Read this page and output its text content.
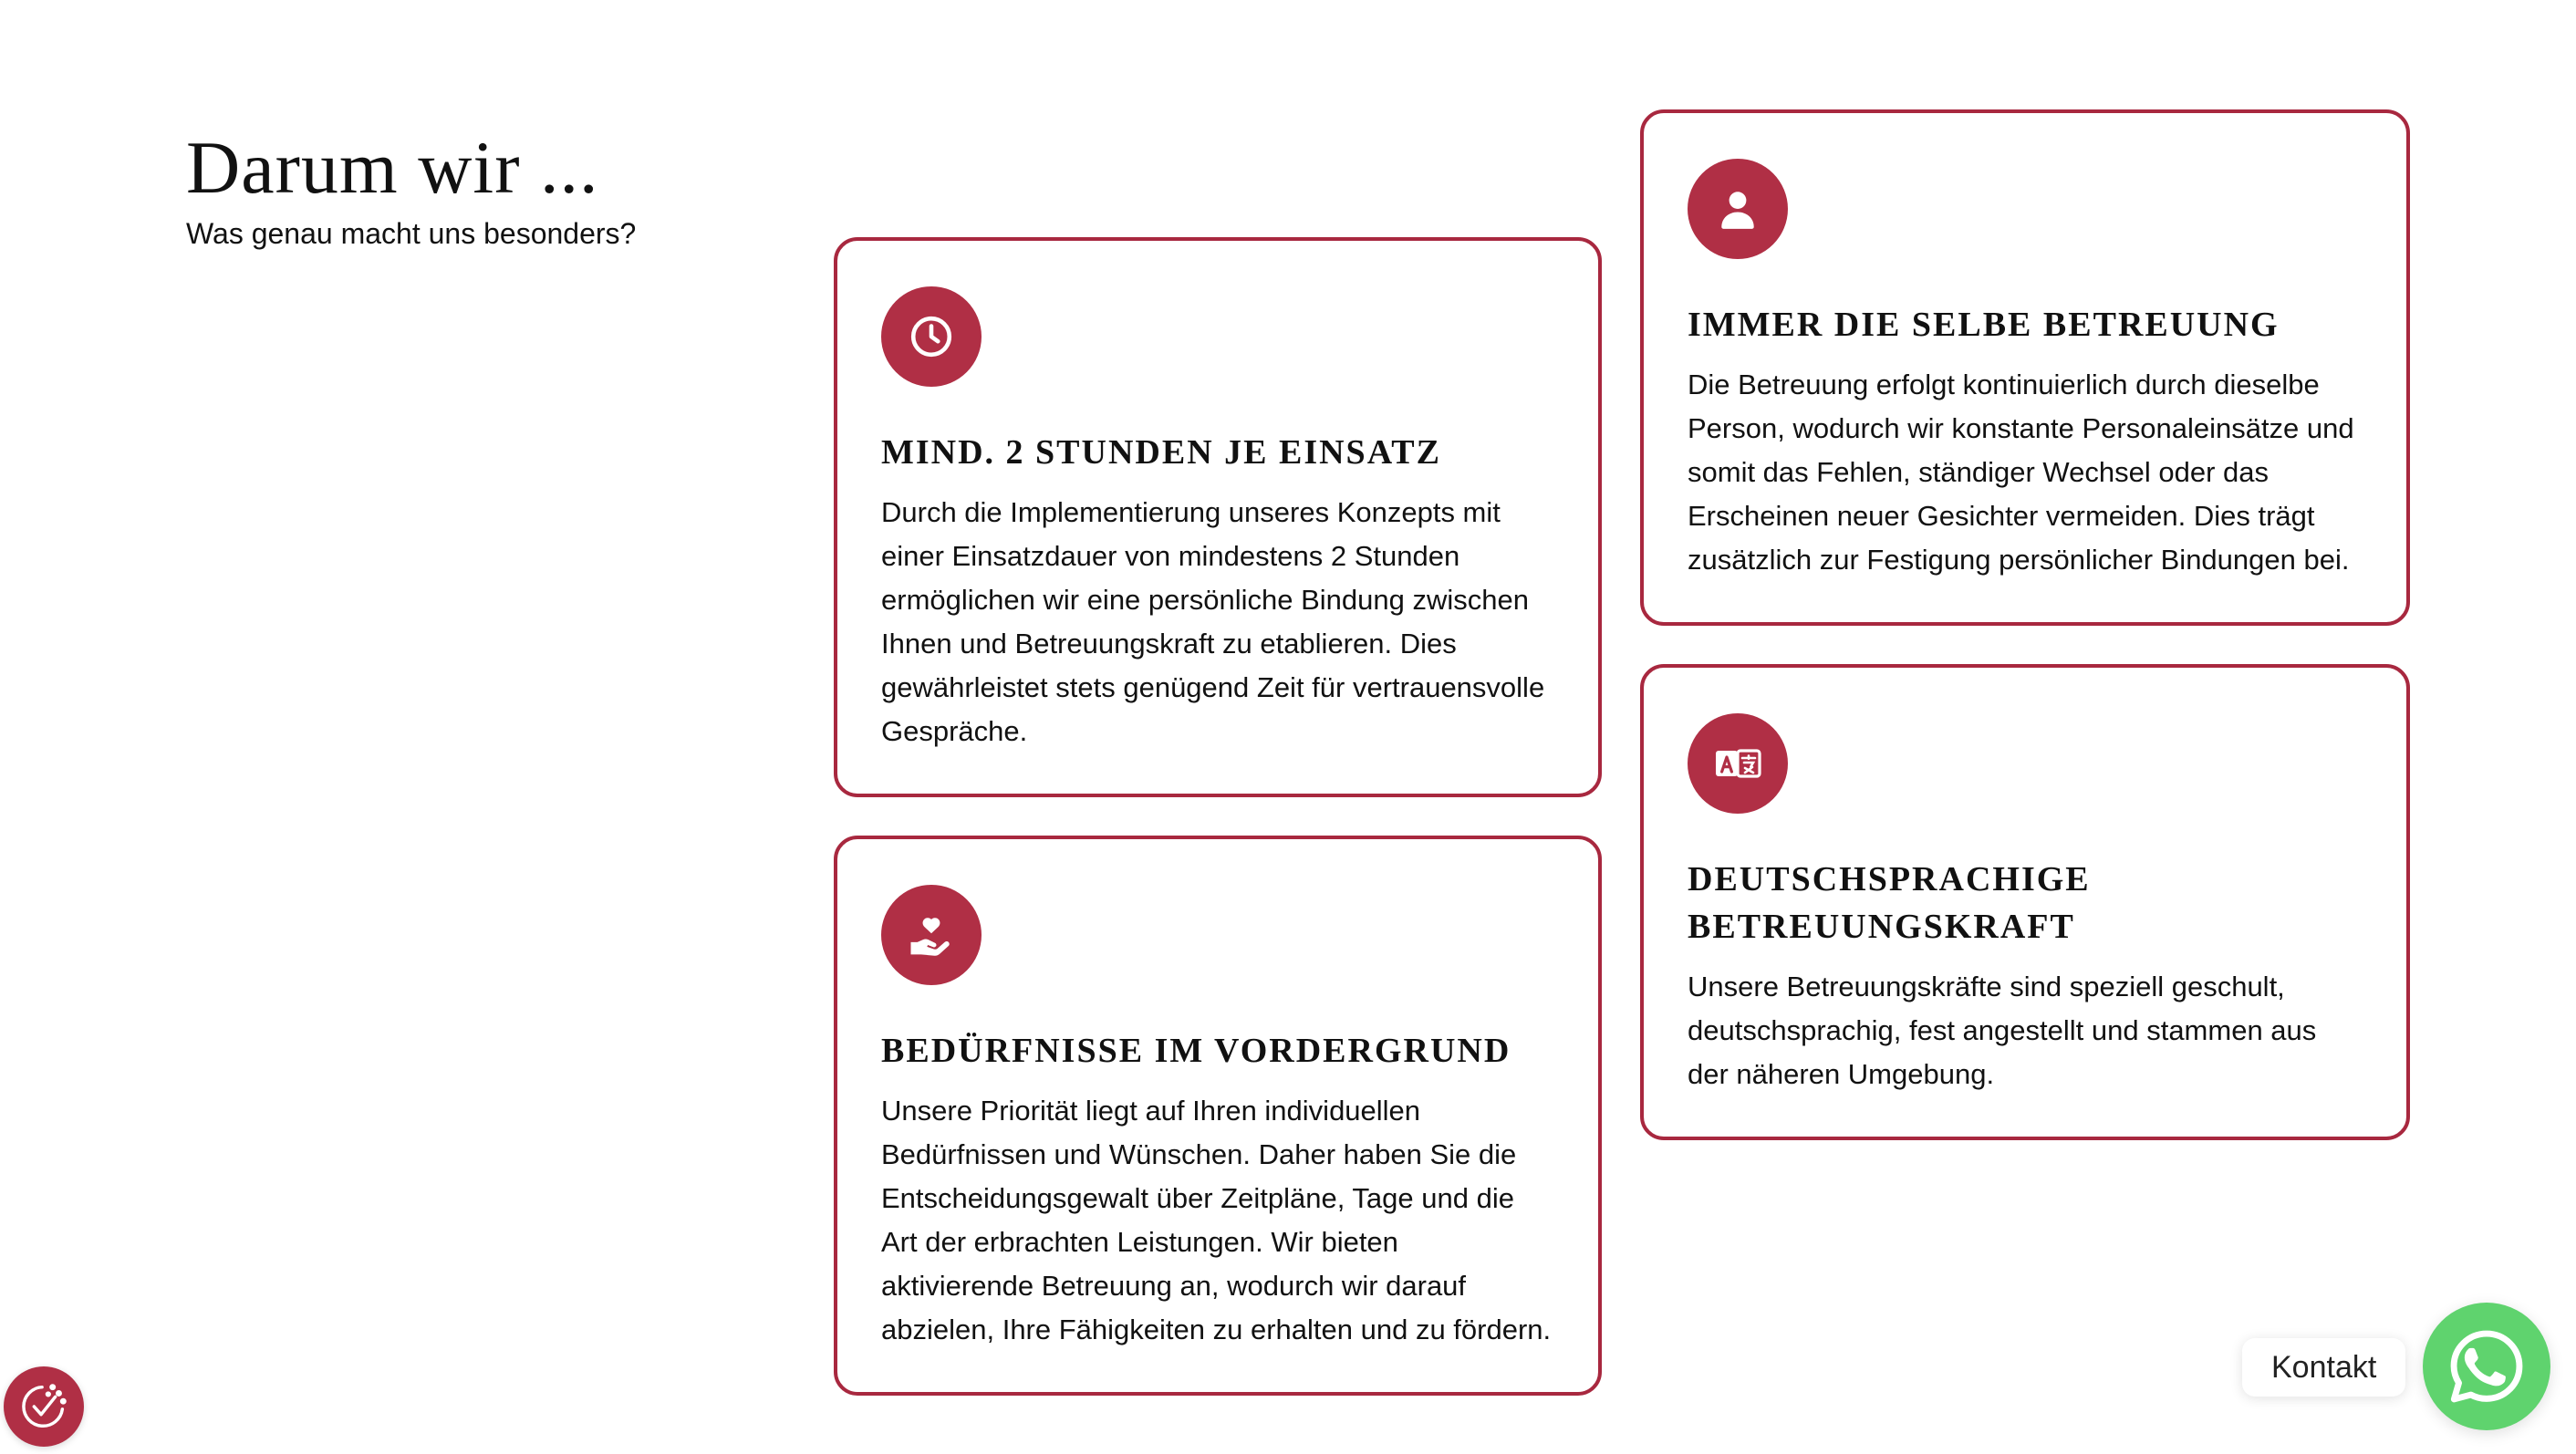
Darum wir ...

Was genau macht uns besonders?

MIND. 2 STUNDEN JE EINSATZ

Durch die Implementierung unseres Konzepts mit einer Einsatzdauer von mindestens 2 Stunden ermöglichen wir eine persönliche Bindung zwischen Ihnen und Betreuungskraft zu etablieren. Dies gewährleistet stets genügend Zeit für vertrauensvolle Gespräche.

IMMER DIE SELBE BETREUUNG

Die Betreuung erfolgt kontinuierlich durch dieselbe Person, wodurch wir konstante Personaleinsätze und somit das Fehlen, ständiger Wechsel oder das Erscheinen neuer Gesichter vermeiden. Dies trägt zusätzlich zur Festigung persönlicher Bindungen bei.

BEDÜRFNISSE IM VORDERGRUND

Unsere Priorität liegt auf Ihren individuellen Bedürfnissen und Wünschen. Daher haben Sie die Entscheidungsgewalt über Zeitpläne, Tage und die Art der erbrachten Leistungen. Wir bieten aktivierende Betreuung an, wodurch wir darauf abzielen, Ihre Fähigkeiten zu erhalten und zu fördern.

DEUTSCHSPRACHIGE BETREUUNGSKRAFT

Unsere Betreuungskräfte sind speziell geschult, deutschsprachig, fest angestellt und stammen aus der näheren Umgebung.

Kontakt
